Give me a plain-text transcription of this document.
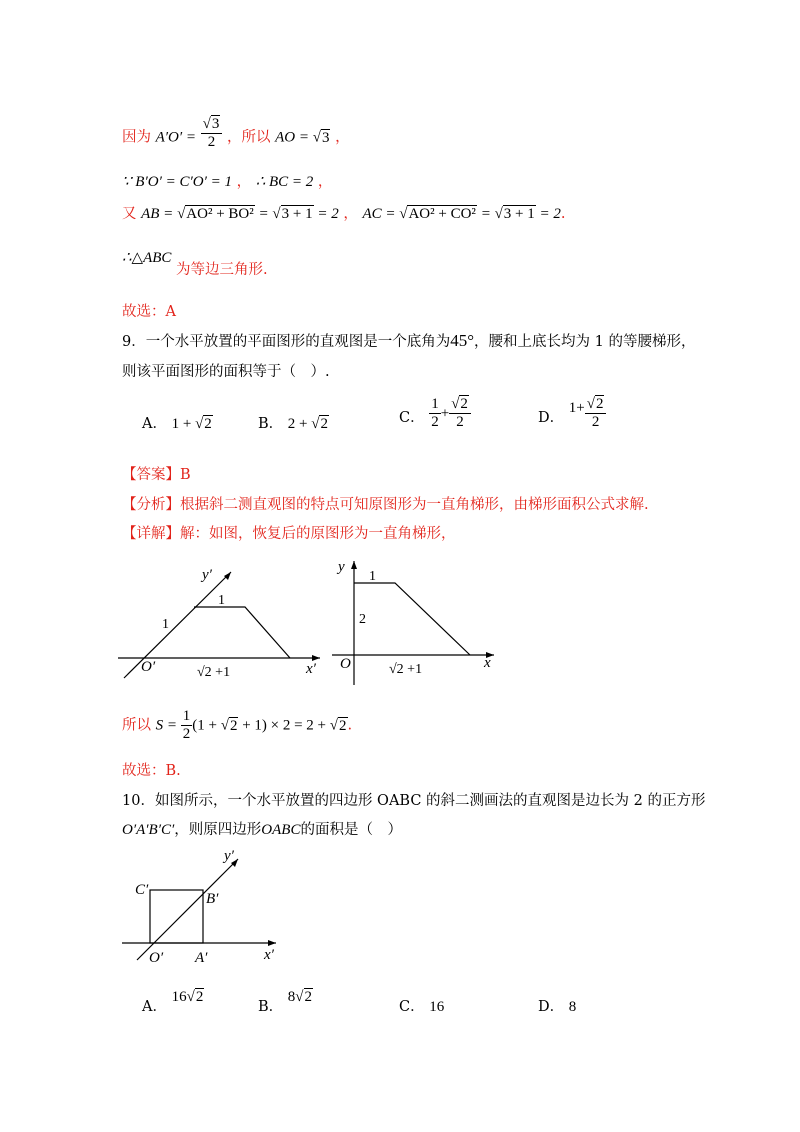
因为 $A'O' = \frac{√3}{2}$ ，所以 AO = √3 ，
∵ B′O′ = C′O′ = 1 ， ∴ BC = 2 ，
又 AB = √AO² + BO² = √3 + 1 = 2 ， AC = √AO² + CO² = √3 + 1 = 2.
∴△ABC 为等边三角形.
故选：A
9．一个水平放置的平面图形的直观图是一个底角为45°，腰和上底长均为 1 的等腰梯形，
则该平面图形的面积等于（　）.
A． 1 + √2	B． 2 + √2	C． $\frac{1}{2} + \frac{√2}{2}$	D． $1+ \frac{√2}{2}$
【答案】B
【分析】根据斜二测直观图的特点可知原图形为一直角梯形，由梯形面积公式求解.
【详解】解：如图，恢复后的原图形为一直角梯形，
y′
1
1
O′	√2 +1	x′
y
1
2
O	√2 +1	x
所以 $S = \frac{1}{2} (1 + √2 + 1) \times 2 = 2 + √2$.
故选：B.
10．如图所示，一个水平放置的四边形 OABC 的斜二测画法的直观图是边长为 2 的正方形
O′A′B′C′，则原四边形OABC的面积是（　）
y′
C′
B′
O′ A′	x′
A． 16√2
B． 8√2
C． 16	D． 8
